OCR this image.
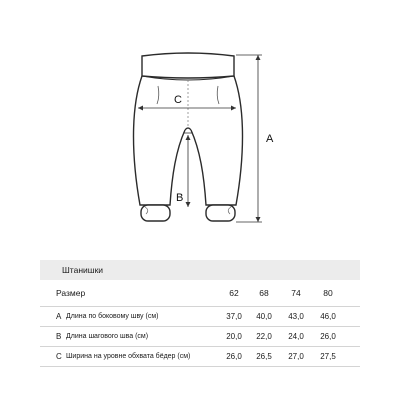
C
B
A
Штанишки
Размер	62	68	74	80
A Длина по боковому шву (см)	37,0	40,0	43,0	46,0
B Длина шагового шва (см)	20,0	22,0	24,0	26,0
C Ширина на уровне обхвата бёдер (см)	26,0	26,5	27,0	27,5
